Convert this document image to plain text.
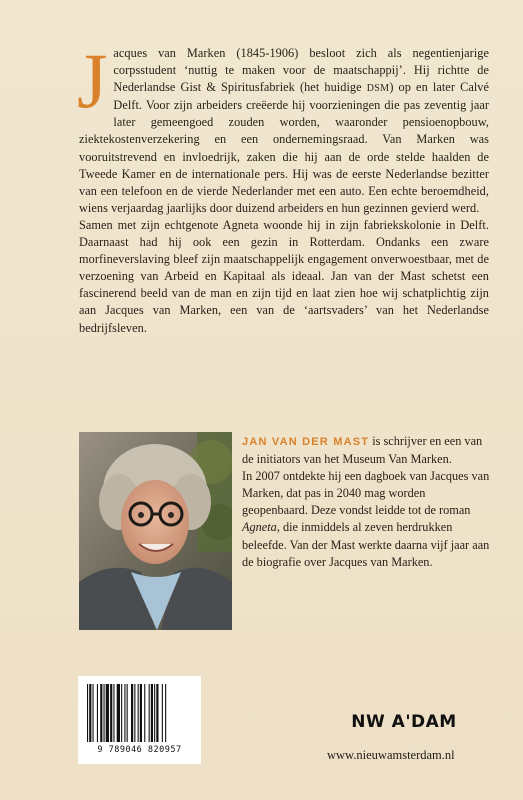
Jacques van Marken (1845-1906) besloot zich als negentienjarige corpsstudent ‘nuttig te maken voor de maatschappij’. Hij richtte de Nederlandse Gist & Spiritusfabriek (het huidige DSM) op en later Calvé Delft. Voor zijn arbeiders creëerde hij voorzieningen die pas zeventig jaar later gemeengoed zouden worden, waaronder pensioenopbouw, ziektekostenverzekering en een ondernemingsraad. Van Marken was vooruitstrevend en invloedrijk, zaken die hij aan de orde stelde haalden de Tweede Kamer en de internationale pers. Hij was de eerste Nederlandse bezitter van een telefoon en de vierde Nederlander met een auto. Een echte beroemdheid, wiens verjaardag jaarlijks door duizend arbeiders en hun gezinnen gevierd werd.

Samen met zijn echtgenote Agneta woonde hij in zijn fabriekskolonie in Delft. Daarnaast had hij ook een gezin in Rotterdam. Ondanks een zware morfineverslaving bleef zijn maatschappelijk engagement onverwoestbaar, met de verzoening van Arbeid en Kapitaal als ideaal. Jan van der Mast schetst een fascinerend beeld van de man en zijn tijd en laat zien hoe wij schatplichtig zijn aan Jacques van Marken, een van de ‘aartsvaders’ van het Nederlandse bedrijfsleven.

JAN VAN DER MAST is schrijver en een van de initiators van het Museum Van Marken.

In 2007 ontdekte hij een dagboek van Jacques van Marken, dat pas in 2040 mag worden geopenbaard. Deze vondst leidde tot de roman Agneta, die inmiddels al zeven herdrukken beleefde. Van der Mast werkte daarna vijf jaar aan de biografie over Jacques van Marken.

9 789046 820957
NW A'DAM
www.nieuwamsterdam.nl
